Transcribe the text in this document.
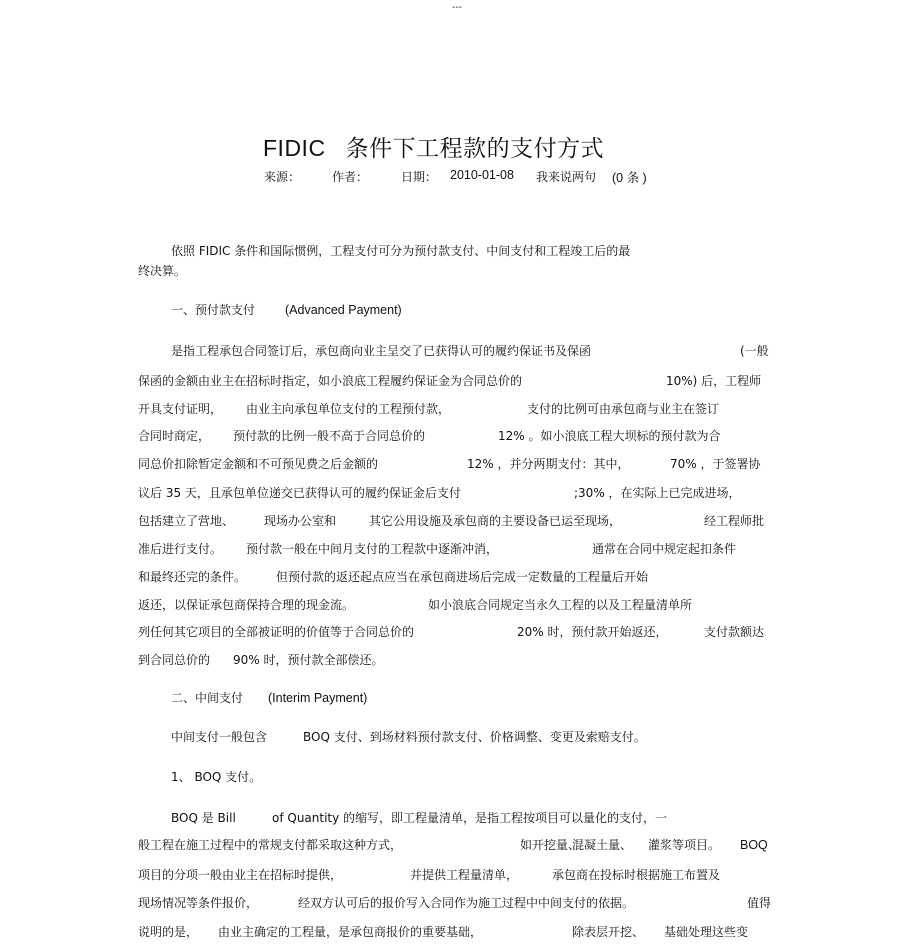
---
FIDIC 条件下工程款的支付方式
来源：	作者：	日期： 2010-01-08 我来说两句 (0 条 )
依照 FIDIC 条件和国际惯例，工程支付可分为预付款支付、中间支付和工程竣工后的最
终决算。
一、预付款支付 (Advanced Payment)
是指工程承包合同签订后，承包商向业主呈交了已获得认可的履约保证书及保函	(一般
保函的金额由业主在招标时指定，如小浪底工程履约保证金为合同总价的	10%) 后，工程师
开具支付证明， 由业主向承包单位支付的工程预付款，	支付的比例可由承包商与业主在签订
合同时商定， 预付款的比例一般不高于合同总价的	12% 。如小浪底工程大坝标的预付款为合
同总价扣除暂定金额和不可预见费之后金额的	12% ，并分两期支付：其中，	70% ，于签署协
议后 35 天，且承包单位递交已获得认可的履约保证金后支付	;30% ，在实际上已完成进场，
包括建立了营地、 现场办公室和	其它公用设施及承包商的主要设备已运至现场，	经工程师批
准后进行支付。 预付款一般在中间月支付的工程款中逐渐冲消，	通常在合同中规定起扣条件
和最终还完的条件。 但预付款的返还起点应当在承包商进场后完成一定数量的工程量后开始
返还，以保证承包商保持合理的现金流。	如小浪底合同规定当永久工程的以及工程量清单所
列任何其它项目的全部被证明的价值等于合同总价的	20% 时，预付款开始返还，	支付款额达
到合同总价的 90% 时，预付款全部偿还。
二、中间支付 (Interim Payment)
中间支付一般包含	BOQ 支付、到场材料预付款支付、价格调整、变更及索赔支付。
1、 BOQ 支付。
BOQ 是 Bill	of Quantity 的缩写，即工程量清单，是指工程按项目可以量化的支付，一
般工程在施工过程中的常规支付都采取这种方式，	如开挖量、
混凝土量、 灌浆等项目。 BOQ
项目的分项一般由业主在招标时提供，	并提供工程量清单，	承包商在投标时根据施工布置及
现场情况等条件报价，	经双方认可后的报价写入合同作为施工过程中中间支付的依据。	值得
说明的是， 由业主确定的工程量，是承包商报价的重要基础，	除表层开挖、 基础处理这些变
